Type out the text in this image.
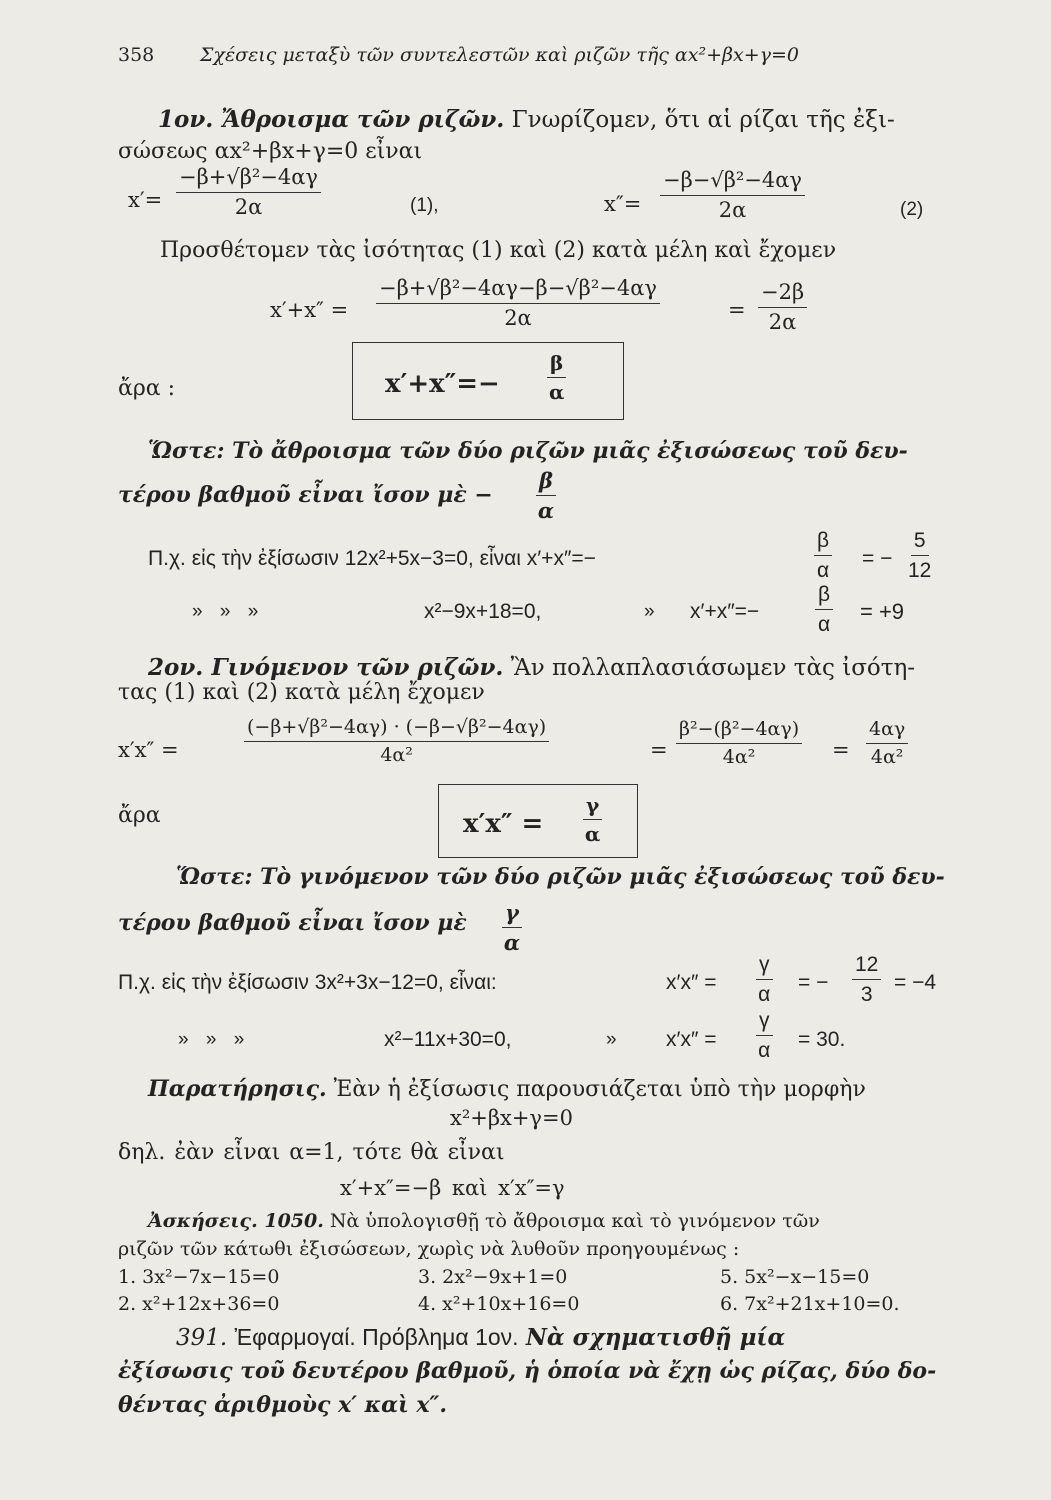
358 Σχέσεις μεταξὺ τῶν συντελεστῶν καὶ ριζῶν τῆς αx²+βx+γ=0
1ον. Ἄθροισμα τῶν ριζῶν. Γνωρίζομεν, ὅτι αἱ ρίζαι τῆς ἐξι-
σώσεως αx²+βx+γ=0 εἶναι
$x'= \frac{\text{−β+√β²−4αγ}}{2\alpha}$	(1),	$x''= \frac{\text{−β−√β²−4αγ}}{2\alpha}$	(2)
Προσθέτομεν τὰς ἰσότητας (1) καὶ (2) κατὰ μέλη καὶ ἔχομεν
$x'+x'' = \frac{\text{−β+√β²−4αγ−β−√β²−4αγ}}{2\alpha}$	= $\frac{-2\beta}{2\alpha}$
ἄρα :	$x'+x''=- \frac{\beta}{\alpha}$
Ὥστε: Τὸ ἄθροισμα τῶν δύο ριζῶν μιᾶς ἐξισώσεως τοῦ δευ-
τέρου βαθμοῦ εἶναι ἴσον μὲ − $\frac{\beta}{\alpha}$
Π.χ. εἰς τὴν ἐξίσωσιν 12x²+5x−3=0, εἶναι x′+x″=−	$\frac{\beta}{\alpha}$ = − $\frac{5}{12}$
» » »	x²−9x+18=0,	» x′+x″=−	$\frac{\beta}{\alpha} = +9$
2ον. Γινόμενον τῶν ριζῶν. Ἂν πολλαπλασιάσωμεν τὰς ἰσότη-
τας (1) καὶ (2) κατὰ μέλη ἔχομεν
x′x″ =	$\frac{\text{(−β+√β²−4αγ) · (−β−√β²−4αγ)}}{\text{4α²}}$	= $\frac{\text{β²−(β²−4αγ)}}{\text{4α²}} = \frac{4\alpha\gamma}{\text{4α²}}$
ἄρα	$x'x'' = \frac{\gamma}{\alpha}$
Ὥστε: Τὸ γινόμενον τῶν δύο ριζῶν μιᾶς ἐξισώσεως τοῦ δευ-
τέρου βαθμοῦ εἶναι ἴσον μὲ $\frac{\gamma}{\alpha}$
Π.χ. εἰς τὴν ἐξίσωσιν 3x²+3x−12=0, εἶναι:	$x'x'' = \frac{\gamma}{\alpha}$ = − $\frac{12}{3} = -4$
» » »	x²−11x+30=0,	» $x'x'' = \frac{\gamma}{\alpha} = 30$.
Παρατήρησις. Ἐὰν ἡ ἐξίσωσις παρουσιάζεται ὑπὸ τὴν μορφὴν
x²+βx+γ=0
δηλ. ἐὰν εἶναι α=1, τότε θὰ εἶναι
x′+x″=−β καὶ x′x″=γ
Ἀσκήσεις. 1050. Νὰ ὑπολογισθῇ τὸ ἄθροισμα καὶ τὸ γινόμενον τῶν
ριζῶν τῶν κάτωθι ἐξισώσεων, χωρὶς νὰ λυθοῦν προηγουμένως :
1. 3x²−7x−15=0	3. 2x²−9x+1=0	5. 5x²−x−15=0
2. x²+12x+36=0	4. x²+10x+16=0	6. 7x²+21x+10=0.
391. Ἐφαρμογαί. Πρόβλημα 1ον. Νὰ σχηματισθῇ μία
ἐξίσωσις τοῦ δευτέρου βαθμοῦ, ἡ ὁποία νὰ ἔχῃ ὡς ρίζας, δύο δο-
θέντας ἀριθμοὺς x′ καὶ x″.
